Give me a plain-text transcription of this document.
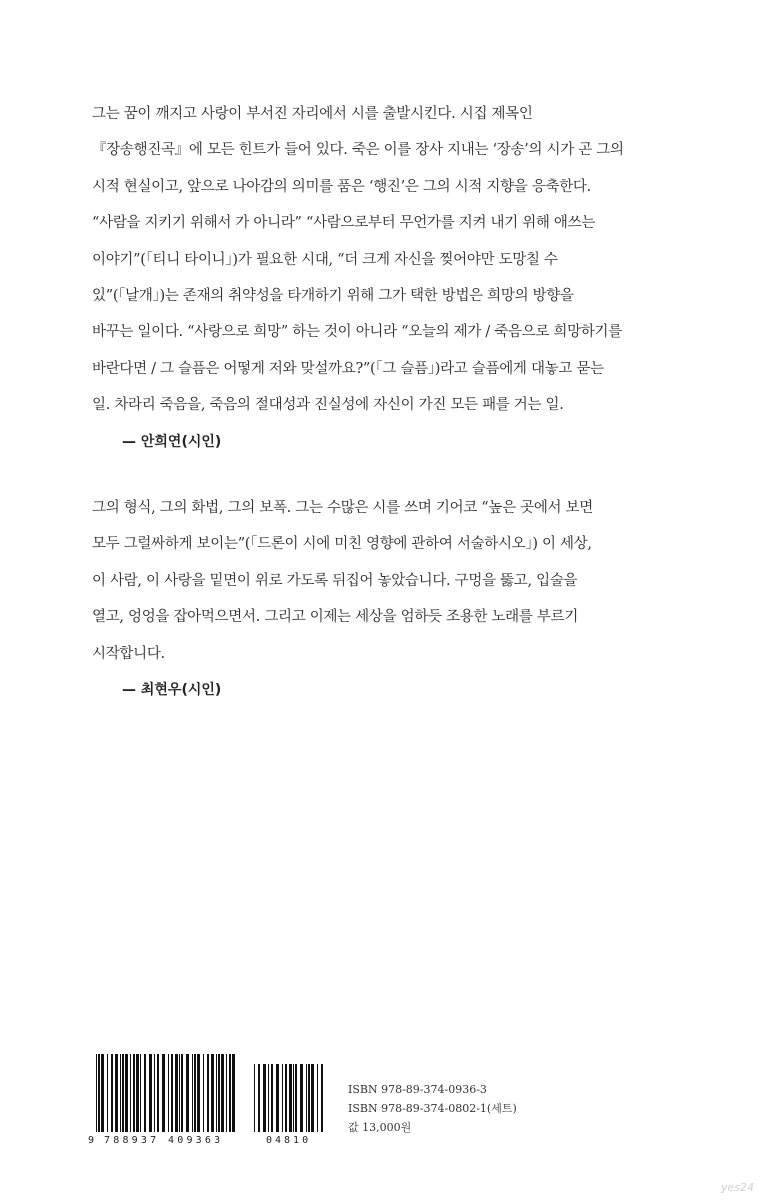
그는 꿈이 깨지고 사랑이 부서진 자리에서 시를 출발시킨다. 시집 제목인
『장송행진곡』에 모든 힌트가 들어 있다. 죽은 이를 장사 지내는 ‘장송’의 시가 곤 그의
시적 현실이고, 앞으로 나아감의 의미를 품은 ‘행진’은 그의 시적 지향을 응축한다.
“사람을 지키기 위해서 가 아니라” “사람으로부터 무언가를 지켜 내기 위해 애쓰는
이야기”(「티니 타이니」)가 필요한 시대, “더 크게 자신을 찢어야만 도망칠 수
있”(「날개」)는 존재의 취약성을 타개하기 위해 그가 택한 방법은 희망의 방향을
바꾸는 일이다. “사랑으로 희망” 하는 것이 아니라 “오늘의 제가 / 죽음으로 희망하기를
바란다면 / 그 슬픔은 어떻게 저와 맞설까요?”(「그 슬픔」)라고 슬픔에게 대놓고 묻는
일. 차라리 죽음을, 죽음의 절대성과 진실성에 자신이 가진 모든 패를 거는 일.
— 안희연(시인)
그의 형식, 그의 화법, 그의 보폭. 그는 수많은 시를 쓰며 기어코 “높은 곳에서 보면
모두 그럴싸하게 보이는”(「드론이 시에 미친 영향에 관하여 서술하시오」) 이 세상,
이 사람, 이 사랑을 밑면이 위로 가도록 뒤집어 놓았습니다. 구멍을 뚫고, 입술을
열고, 엉엉을 잡아먹으면서. 그리고 이제는 세상을 엄하듯 조용한 노래를 부르기
시작합니다.
— 최현우(시인)
9 788937 409363	04810
ISBN 978-89-374-0936-3
ISBN 978-89-374-0802-1(세트)
값 13,000원
yes24
